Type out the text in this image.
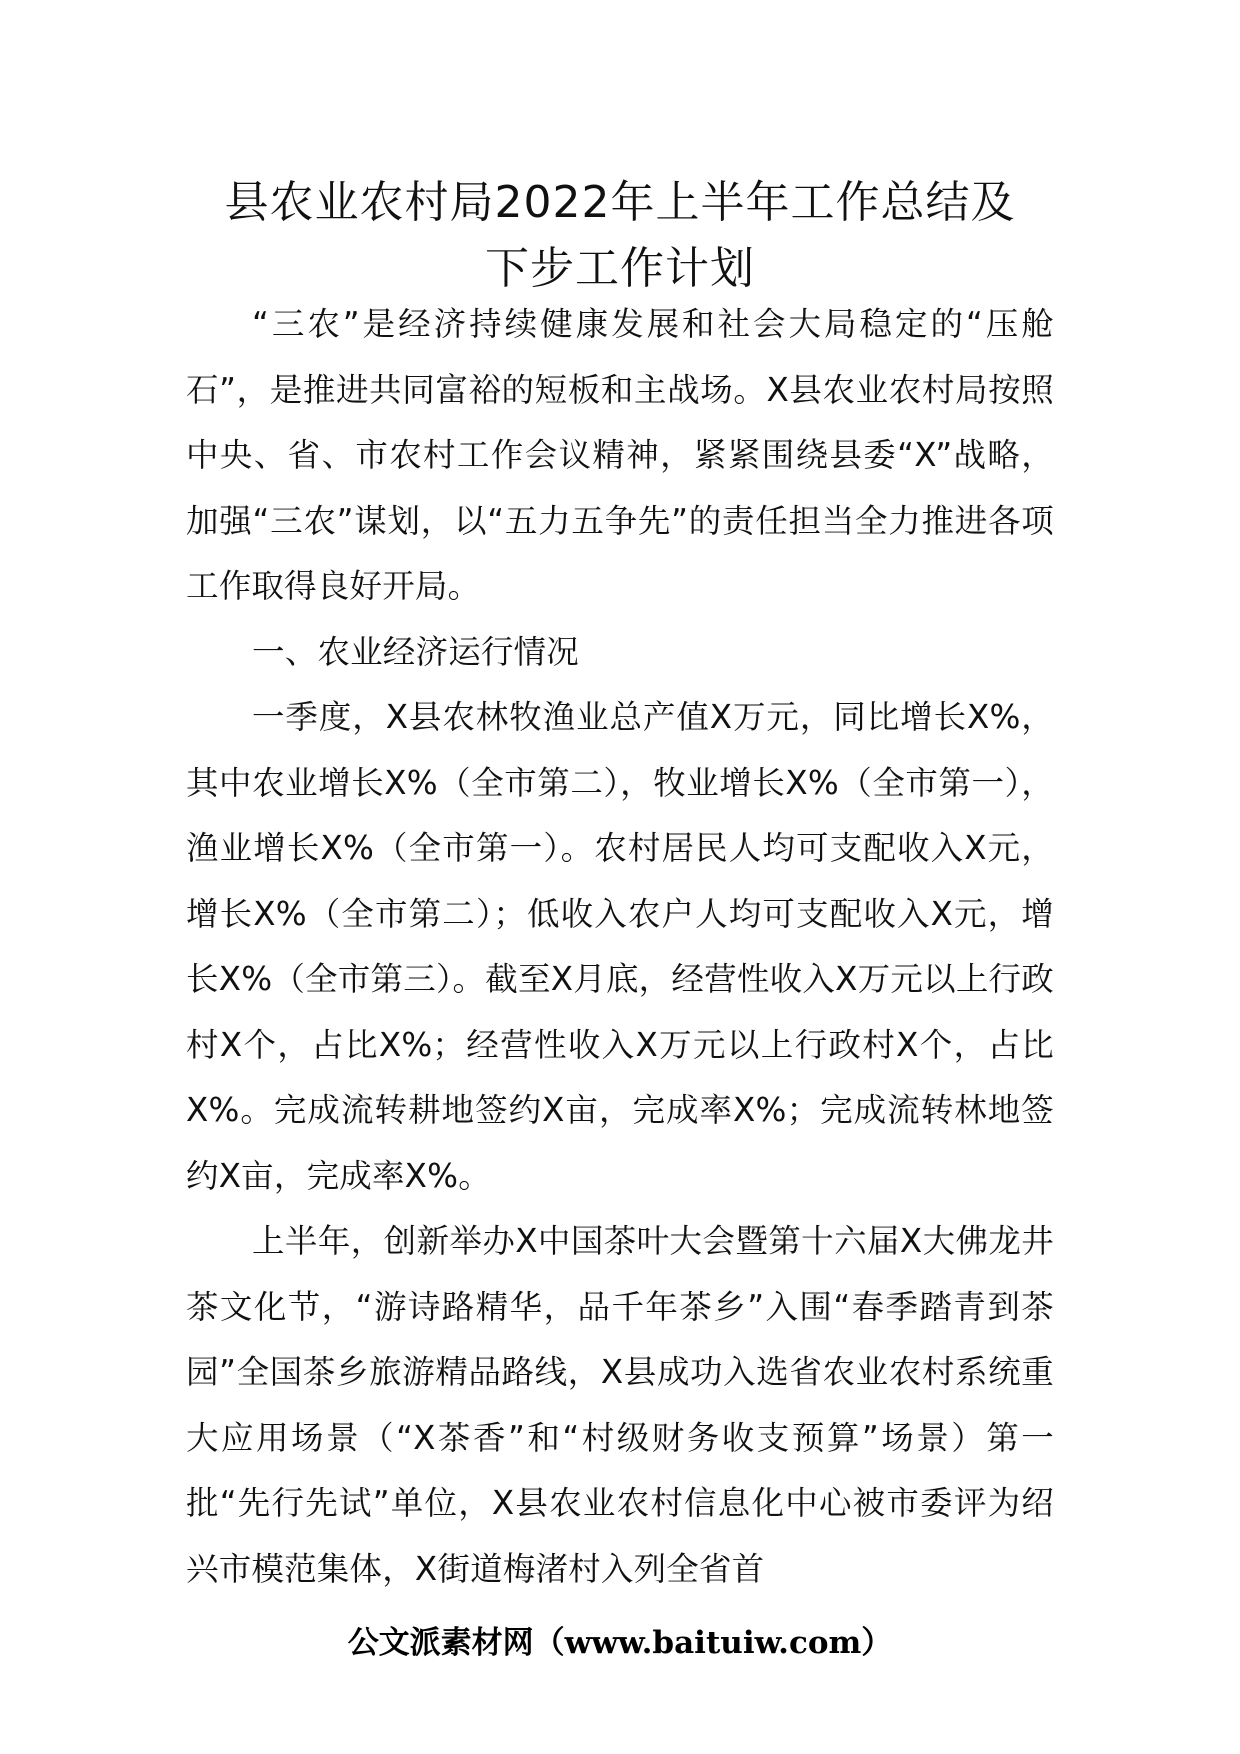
县农业农村局2022年上半年工作总结及
下步工作计划

“三农”是经济持续健康发展和社会大局稳定的“压舱石”，是推进共同富裕的短板和主战场。X县农业农村局按照中央、省、市农村工作会议精神，紧紧围绕县委“X”战略，加强“三农”谋划，以“五力五争先”的责任担当全力推进各项工作取得良好开局。

一、农业经济运行情况

一季度，X县农林牧渔业总产值X万元，同比增长X%，其中农业增长X%（全市第二），牧业增长X%（全市第一），渔业增长X%（全市第一）。农村居民人均可支配收入X元，增长X%（全市第二）；低收入农户人均可支配收入X元，增长X%（全市第三）。截至X月底，经营性收入X万元以上行政村X个，占比X%；经营性收入X万元以上行政村X个，占比X%。完成流转耕地签约X亩，完成率X%；完成流转林地签约X亩，完成率X%。

上半年，创新举办X中国茶叶大会暨第十六届X大佛龙井茶文化节，“游诗路精华，品千年茶乡”入围“春季踏青到茶园”全国茶乡旅游精品路线，X县成功入选省农业农村系统重大应用场景（“X茶香”和“村级财务收支预算”场景）第一批“先行先试”单位，X县农业农村信息化中心被市委评为绍兴市模范集体，X街道梅渚村入列全省首

公文派素材网（www.baituiw.com）
